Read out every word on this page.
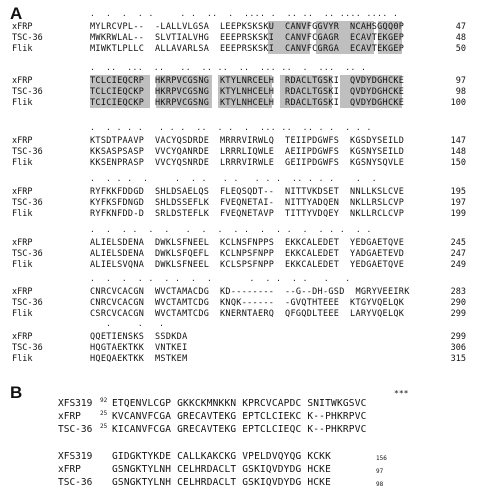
A	·  ·  ·  · ·     · ·  ··  ·  ···· ·  ·· ··  ·· ···· ···· ·
xFRP	MYLRCVPL--  -LALLVLGSA  LEEPKSKSKU  CANVFGGVYR  NCAHSGQQ0P	47
TSC-36	MWKRWLAL--  SLVTIALVHG  EEEPRSKSKI  CANVFCGAGR  ECAVTEKGEP	48
Flik	MIWKTLPLLC  ALLAVARLSA  EEEPRSKSKI  CANVFCGRGA  ECAVTEKGEP	50
·  ··  ···  ··   ··  ·· ··  ··  ··· ··  ·  ···  ·· ·
xFRP	TCLCIEQCRP  HKRPVCGSNG  KTYLNRCELH  RDACLTGSKI  QVDYDGHCKE	97
TSC-36	TCLCIEQCKP  HKRPVCGSNG  KTYLNHCELH  RDACLTGSKI  QVDYDGHCKE	98
Flik	TCICIEQCKP  HKRPVCGSNG  KTYLNHCELH  RDACLTGSKI  QVDYDGHCKE	100
·  · · · ·   · · ·  ··  · ·  ·  ··· ··  ·· · ·  · · ·
xFRP	KTSDTPAAVP  VACYQSDRDE  MRRRVIRWLQ  TEIIPDGWFS  KGSDYSEILD	147
TSC-36	KKSASPSASP  VVCYQANRDE  LRRRLIQWLE  AEIIPDGWFS  KGSNYSEILD	148
Flik	KKSENPRASP  VVCYQSNRDE  LRRRVIRWLE  GEIIPDGWFS  KGSNYSQVLE	150
·  · · ·  ·     ·  · ·   · ·   · · ·  ·· · · ·    ·  ·
xFRP	RYFKKFDDGD  SHLDSAELQS  FLEQSQDT--  NITTVKDSET  NNLLKSLCVE	195
TSC-36	KYFKSFDNGD  SHLDSSEFLK  FVEQNETAI-  NITTYADQEN  NKLLRSLCVP	197
Flik	RYFKNFDD-D  SRLDSTEFLK  FVEQNETAVP  TITTYVDQEY  NKLLRCLCVP	199
·  ·  · ·  ·  ·   ·  ·  ·  · ·  ·  · ·  ·  · · ·  · ·
xFRP	ALIELSDENA  DWKLSFNEEL  KCLNSFNPPS  EKKCALEDET  YEDGAETQVE	245
TSC-36	ALIELSDENA  DWKLSFQEFL  KCLNPSFNPP  EKKCALEDET  YADGAETEVD	247
Flik	ALIELSVQNA  DWKLSFNEEL  KCLSPSFNPP  EKKCALEDET  YEDGAETQVE	249
·  ·  ·  · ·  · ·  ·  ·       ·  · ·  · ·   ·   ·
xFRP	CNRCVCACGN  WVCTAMACDG  KD--------  --G--DH-GSD  MGRYVEEIRK	283
TSC-36	CNRCVCACGN  WVCTAMTCDG  KNQK------  -GVQTHTEEE  KTGYVQELQK	290
Flik	CSRCVCACGN  WVCTAMTCDG  KNERNTAERQ  QFGQDLTEEE  LARYVQELQK	299
·     ·   ·
xFRP	QQETIENSKS  SSDKDA	299
TSC-36	HQGTAEKTKK  VNTKEI	306
Flik	HQEQAEKTKK  MSTKEM	315
B	***
XFS319 92 ETQENVLCGP GKKCKMNKKN KPRCVCAPDC SNITWKGSVC
xFRP	25 KVCANVFCGA GRECAVTEKG EPTCLCIEKC K--PHKRPVC
TSC-36 25 KICANVFCGA GRECAVTEKG EPTCLCIEQC K--PHKRPVC
XFS319 GIDGKTYKDE CALLKAKCKG VPELDVQYQG KCKK	156
xFRP	GSNGKTYLNH CELHRDACLT GSKIQVDYDG HCKE	97
TSC-36 GSNGKTYLNH CELHRDACLT GSKIQVDYDG HCKE	98
